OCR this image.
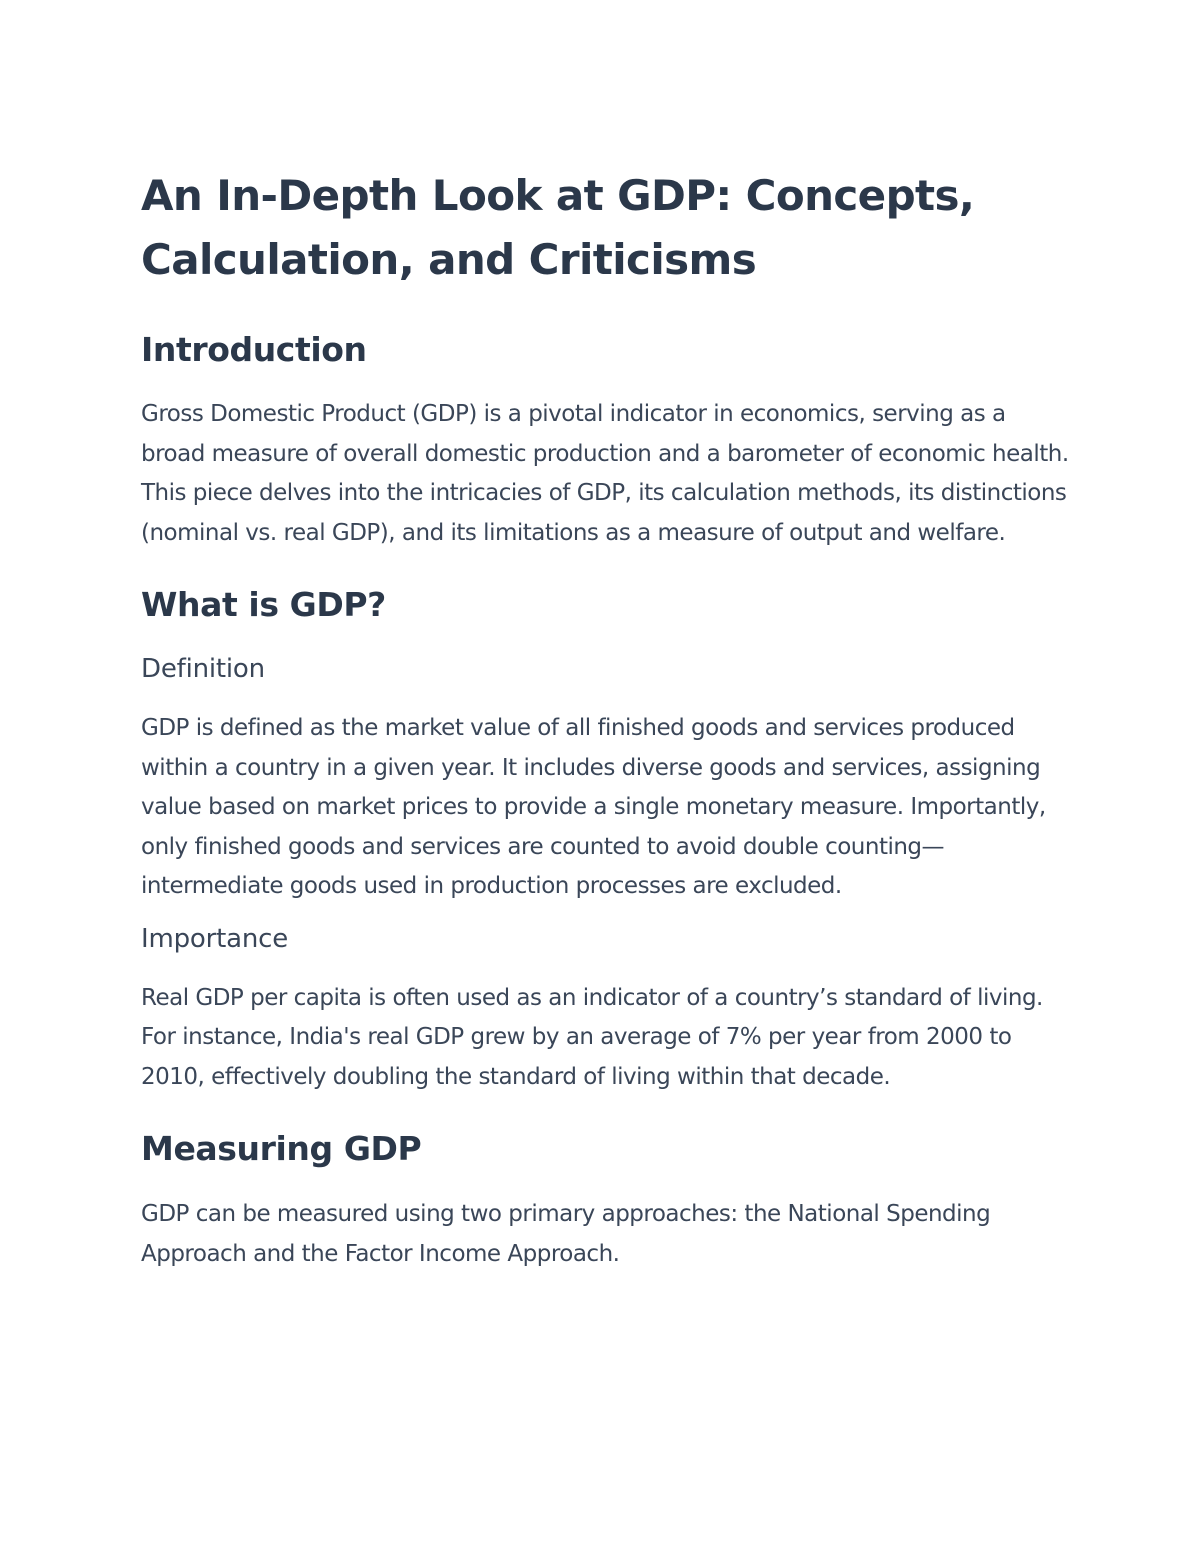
An In-Depth Look at GDP: Concepts, Calculation, and Criticisms
Introduction

Gross Domestic Product (GDP) is a pivotal indicator in economics, serving as a broad measure of overall domestic production and a barometer of economic health. This piece delves into the intricacies of GDP, its calculation methods, its distinctions (nominal vs. real GDP), and its limitations as a measure of output and welfare.

What is GDP?
Definition

GDP is defined as the market value of all finished goods and services produced within a country in a given year. It includes diverse goods and services, assigning value based on market prices to provide a single monetary measure. Importantly, only finished goods and services are counted to avoid double counting—intermediate goods used in production processes are excluded.

Importance

Real GDP per capita is often used as an indicator of a country’s standard of living. For instance, India's real GDP grew by an average of 7% per year from 2000 to 2010, effectively doubling the standard of living within that decade.

Measuring GDP

GDP can be measured using two primary approaches: the National Spending Approach and the Factor Income Approach.
